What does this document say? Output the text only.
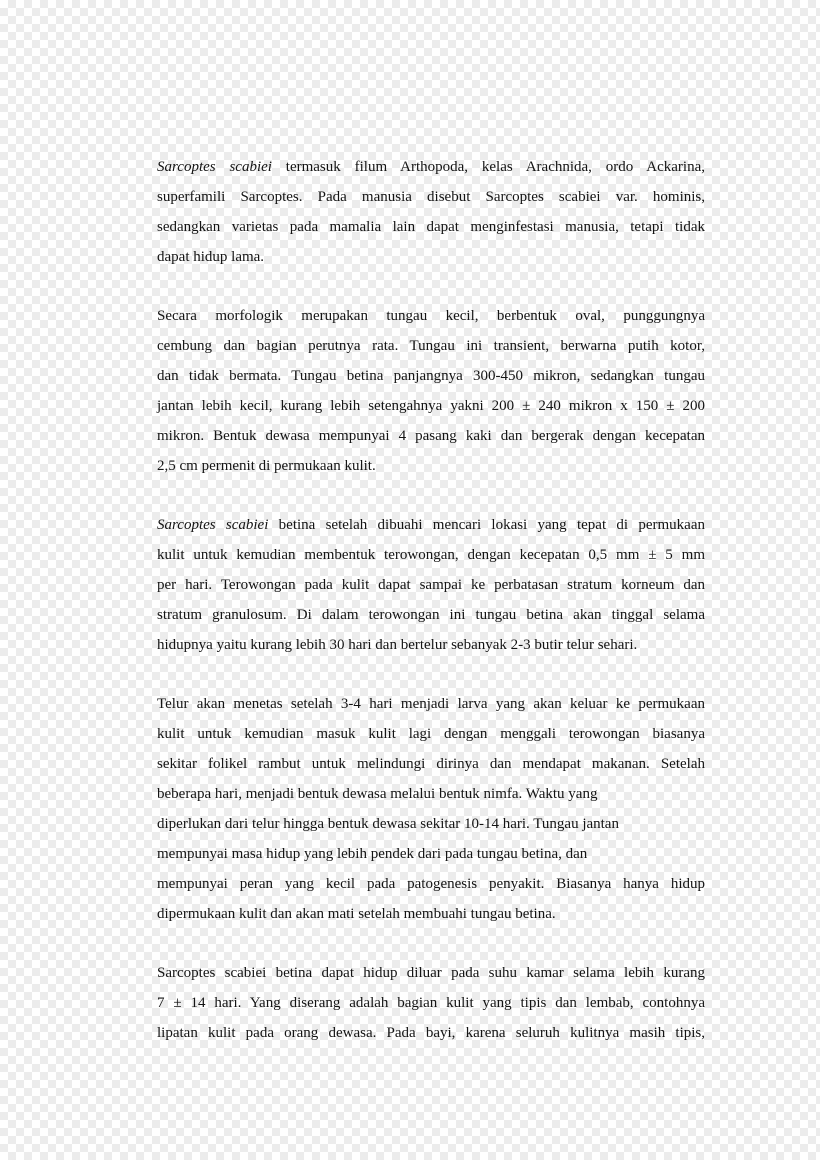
Sarcoptes scabiei termasuk filum Arthopoda, kelas Arachnida, ordo Ackarina,
superfamili Sarcoptes. Pada manusia disebut Sarcoptes scabiei var. hominis,
sedangkan varietas pada mamalia lain dapat menginfestasi manusia, tetapi tidak
dapat hidup lama.
Secara morfologik merupakan tungau kecil, berbentuk oval, punggungnya
cembung dan bagian perutnya rata. Tungau ini transient, berwarna putih kotor,
dan tidak bermata. Tungau betina panjangnya 300-450 mikron, sedangkan tungau
jantan lebih kecil, kurang lebih setengahnya yakni 200 ± 240 mikron x 150 ± 200
mikron. Bentuk dewasa mempunyai 4 pasang kaki dan bergerak dengan kecepatan
2,5 cm permenit di permukaan kulit.
Sarcoptes scabiei betina setelah dibuahi mencari lokasi yang tepat di permukaan
kulit untuk kemudian membentuk terowongan, dengan kecepatan 0,5 mm ± 5 mm
per hari. Terowongan pada kulit dapat sampai ke perbatasan stratum korneum dan
stratum granulosum. Di dalam terowongan ini tungau betina akan tinggal selama
hidupnya yaitu kurang lebih 30 hari dan bertelur sebanyak 2-3 butir telur sehari.
Telur akan menetas setelah 3-4 hari menjadi larva yang akan keluar ke permukaan
kulit untuk kemudian masuk kulit lagi dengan menggali terowongan biasanya
sekitar folikel rambut untuk melindungi dirinya dan mendapat makanan. Setelah
beberapa hari, menjadi bentuk dewasa melalui bentuk nimfa. Waktu yang
diperlukan dari telur hingga bentuk dewasa sekitar 10-14 hari. Tungau jantan
mempunyai masa hidup yang lebih pendek dari pada tungau betina, dan
mempunyai peran yang kecil pada patogenesis penyakit. Biasanya hanya hidup
dipermukaan kulit dan akan mati setelah membuahi tungau betina.
Sarcoptes scabiei betina dapat hidup diluar pada suhu kamar selama lebih kurang
7 ± 14 hari. Yang diserang adalah bagian kulit yang tipis dan lembab, contohnya
lipatan kulit pada orang dewasa. Pada bayi, karena seluruh kulitnya masih tipis,
